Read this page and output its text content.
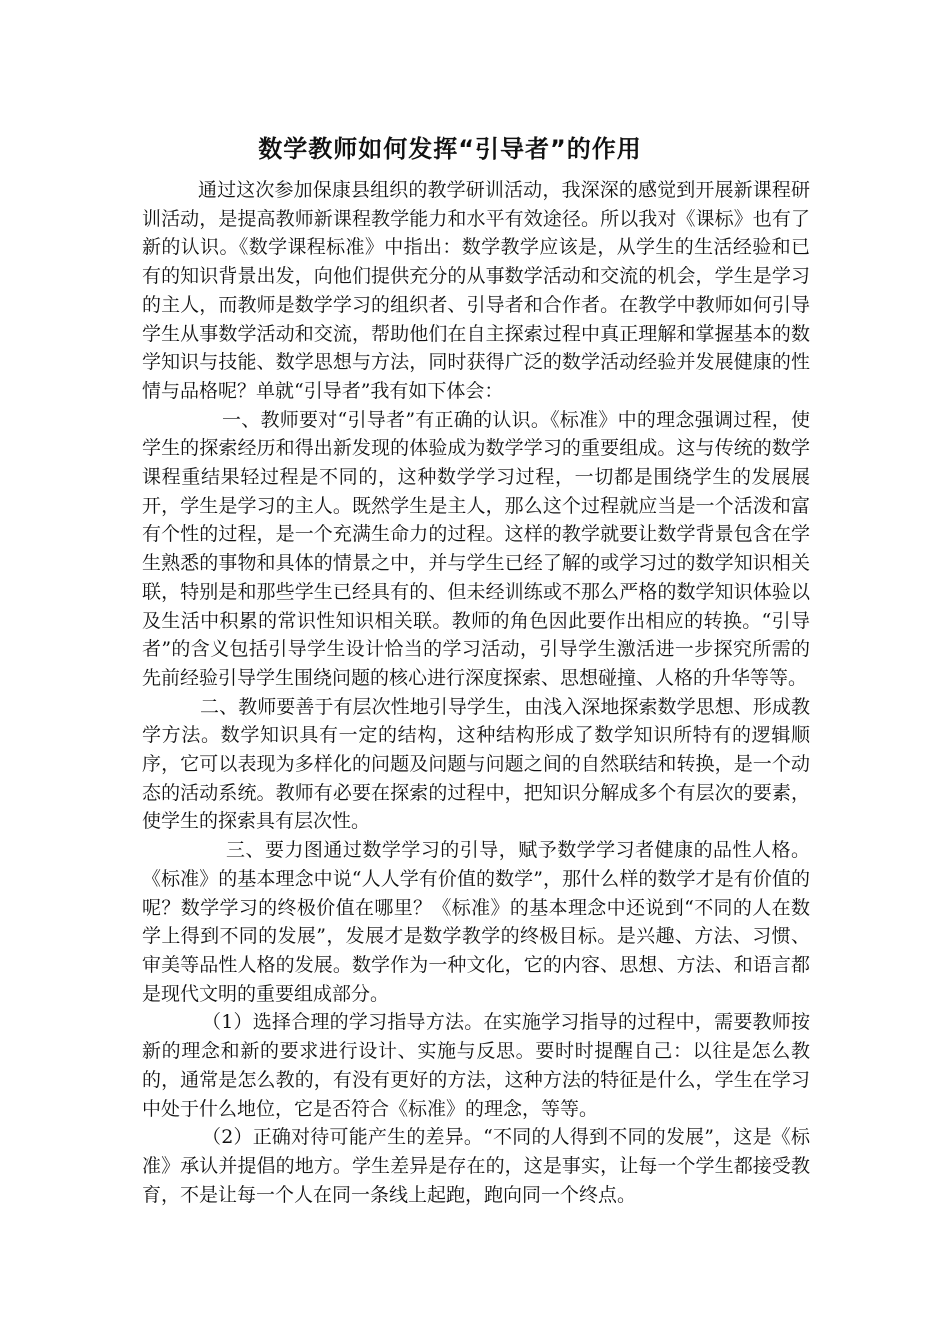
数学教师如何发挥“引导者”的作用

通过这次参加保康县组织的教学研训活动，我深深的感觉到开展新课程研训活动，是提高教师新课程教学能力和水平有效途径。所以我对《课标》也有了新的认识。《数学课程标准》中指出：数学教学应该是，从学生的生活经验和已有的知识背景出发，向他们提供充分的从事数学活动和交流的机会，学生是学习的主人，而教师是数学学习的组织者、引导者和合作者。在教学中教师如何引导学生从事数学活动和交流，帮助他们在自主探索过程中真正理解和掌握基本的数学知识与技能、数学思想与方法，同时获得广泛的数学活动经验并发展健康的性情与品格呢？单就“引导者”我有如下体会：

一、教师要对“引导者”有正确的认识。《标准》中的理念强调过程，使学生的探索经历和得出新发现的体验成为数学学习的重要组成。这与传统的数学课程重结果轻过程是不同的，这种数学学习过程，一切都是围绕学生的发展展开，学生是学习的主人。既然学生是主人，那么这个过程就应当是一个活泼和富有个性的过程，是一个充满生命力的过程。这样的教学就要让数学背景包含在学生熟悉的事物和具体的情景之中，并与学生已经了解的或学习过的数学知识相关联，特别是和那些学生已经具有的、但未经训练或不那么严格的数学知识体验以及生活中积累的常识性知识相关联。教师的角色因此要作出相应的转换。“引导者”的含义包括引导学生设计恰当的学习活动，引导学生激活进一步探究所需的先前经验引导学生围绕问题的核心进行深度探索、思想碰撞、人格的升华等等。

二、教师要善于有层次性地引导学生，由浅入深地探索数学思想、形成教学方法。数学知识具有一定的结构，这种结构形成了数学知识所特有的逻辑顺序，它可以表现为多样化的问题及问题与问题之间的自然联结和转换，是一个动态的活动系统。教师有必要在探索的过程中，把知识分解成多个有层次的要素，使学生的探索具有层次性。

三、要力图通过数学学习的引导，赋予数学学习者健康的品性人格。《标准》的基本理念中说“人人学有价值的数学”，那什么样的数学才是有价值的呢？数学学习的终极价值在哪里？《标准》的基本理念中还说到“不同的人在数学上得到不同的发展”，发展才是数学教学的终极目标。是兴趣、方法、习惯、审美等品性人格的发展。数学作为一种文化，它的内容、思想、方法、和语言都是现代文明的重要组成部分。

（1）选择合理的学习指导方法。在实施学习指导的过程中，需要教师按新的理念和新的要求进行设计、实施与反思。要时时提醒自己：以往是怎么教的，通常是怎么教的，有没有更好的方法，这种方法的特征是什么，学生在学习中处于什么地位，它是否符合《标准》的理念，等等。

（2）正确对待可能产生的差异。“不同的人得到不同的发展”，这是《标准》承认并提倡的地方。学生差异是存在的，这是事实，让每一个学生都接受教育，不是让每一个人在同一条线上起跑，跑向同一个终点。
